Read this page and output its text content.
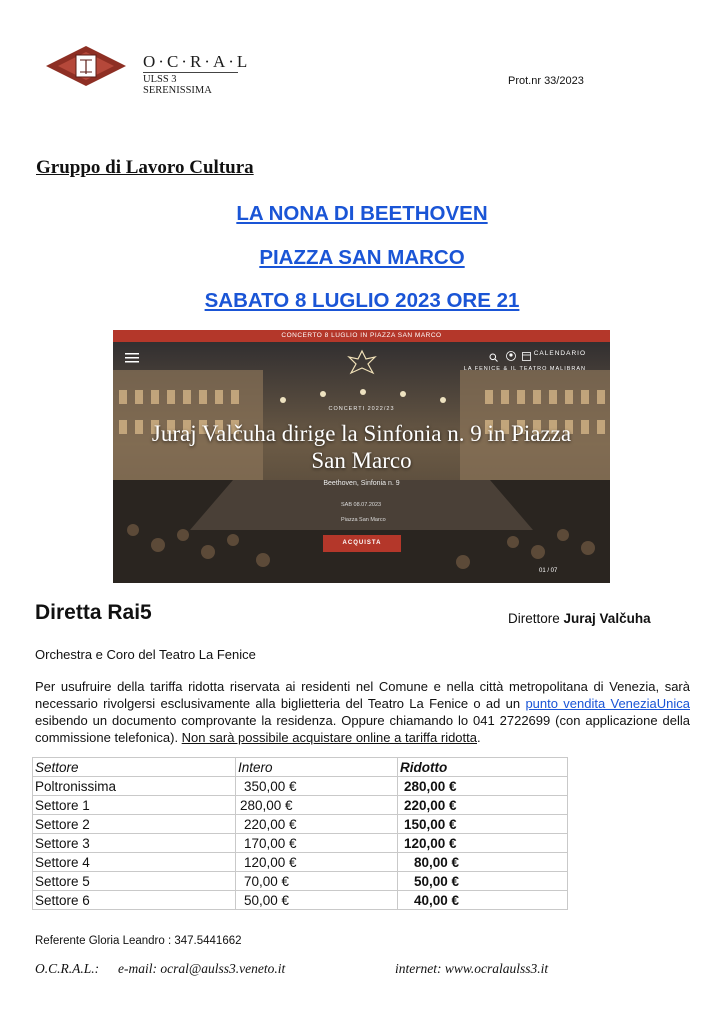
O·C·R·A·L
ULSS 3 SERENISSIMA
Prot.nr 33/2023
Gruppo di Lavoro Cultura
LA NONA DI BEETHOVEN
PIAZZA SAN MARCO
SABATO 8 LUGLIO 2023 ORE 21
CONCERTO 8 LUGLIO IN PIAZZA SAN MARCO
CALENDARIO
LA FENICE & IL TEATRO MALIBRAN
CONCERTI 2022/23
Juraj Valčuha dirige la Sinfonia n. 9 in Piazza San Marco
Beethoven, Sinfonia n. 9
SAB 08.07.2023
Piazza San Marco
ACQUISTA
01 / 07
Diretta Rai5	Direttore Juraj Valčuha
Orchestra e Coro del Teatro La Fenice
Per usufruire della tariffa ridotta riservata ai residenti nel Comune e nella città metropolitana di Venezia, sarà necessario rivolgersi esclusivamente alla biglietteria del Teatro La Fenice o ad un punto vendita VeneziaUnica esibendo un documento comprovante la residenza. Oppure chiamando lo 041 2722699 (con applicazione della commissione telefonica). Non sarà possibile acquistare online a tariffa ridotta.
Settore	Intero	Ridotto
Poltronissima	350,00 €	280,00 €
Settore 1	280,00 €	220,00 €
Settore 2	220,00 €	150,00 €
Settore 3	170,00 €	120,00 €
Settore 4	120,00 €	80,00 €
Settore 5	70,00 €	50,00 €
Settore 6	50,00 €	40,00 €
Referente Gloria Leandro : 347.5441662
O.C.R.A.L.: e-mail: ocral@aulss3.veneto.it	internet: www.ocralaulss3.it
